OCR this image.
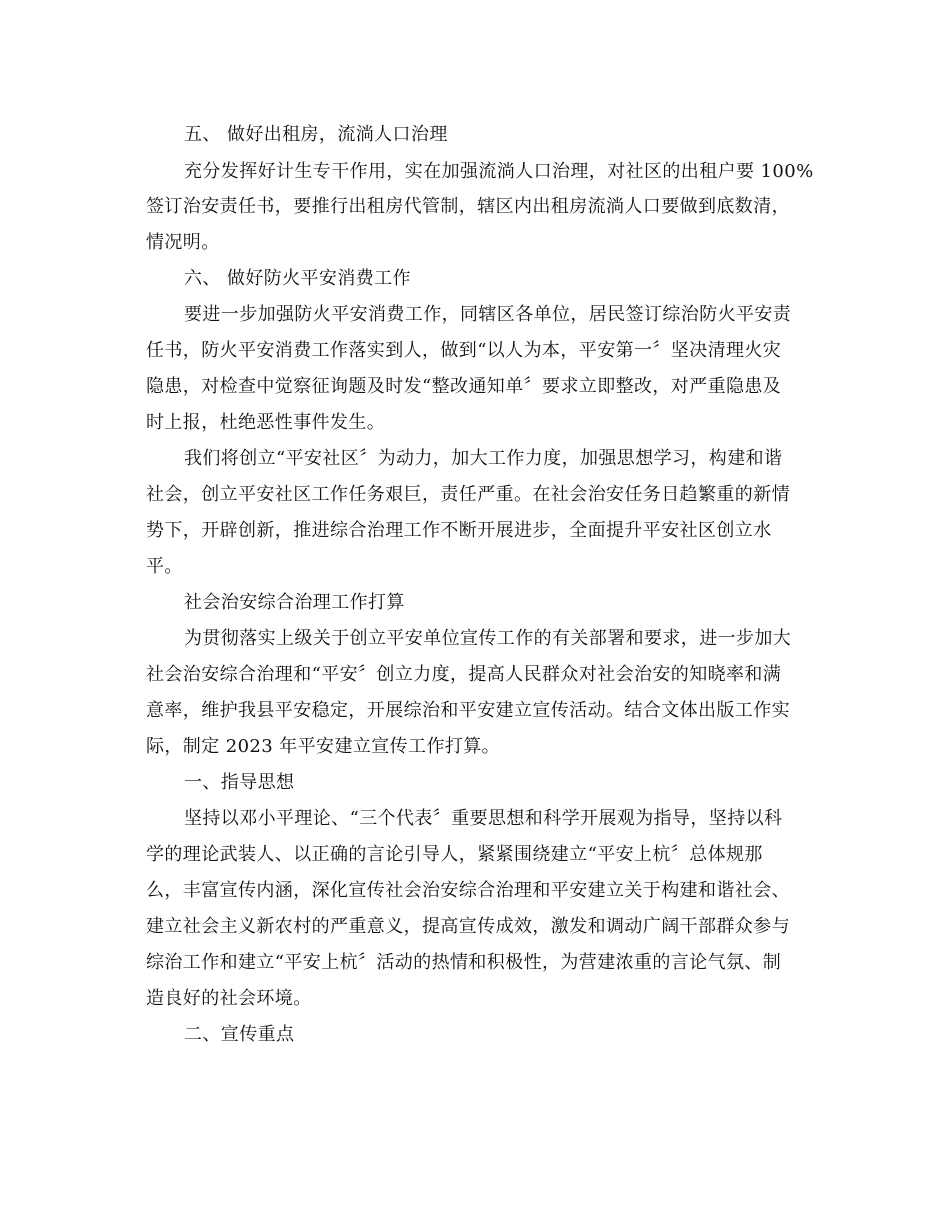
五、 做好出租房，流淌人口治理
充分发挥好计生专干作用，实在加强流淌人口治理，对社区的出租户要 100%
签订治安责任书，要推行出租房代管制，辖区内出租房流淌人口要做到底数清，
情况明。
六、 做好防火平安消费工作
要进一步加强防火平安消费工作，同辖区各单位，居民签订综治防火平安责
任书，防火平安消费工作落实到人，做到“以人为本，平安第一〞坚决清理火灾
隐患，对检查中觉察征询题及时发“整改通知单〞要求立即整改，对严重隐患及
时上报，杜绝恶性事件发生。
我们将创立“平安社区〞为动力，加大工作力度，加强思想学习，构建和谐
社会，创立平安社区工作任务艰巨，责任严重。在社会治安任务日趋繁重的新情
势下，开辟创新，推进综合治理工作不断开展进步，全面提升平安社区创立水
平。
社会治安综合治理工作打算
为贯彻落实上级关于创立平安单位宣传工作的有关部署和要求，进一步加大
社会治安综合治理和“平安〞创立力度，提高人民群众对社会治安的知晓率和满
意率，维护我县平安稳定，开展综治和平安建立宣传活动。结合文体出版工作实
际，制定 2023 年平安建立宣传工作打算。
一、指导思想
坚持以邓小平理论、“三个代表〞重要思想和科学开展观为指导，坚持以科
学的理论武装人、以正确的言论引导人，紧紧围绕建立“平安上杭〞总体规那
么，丰富宣传内涵，深化宣传社会治安综合治理和平安建立关于构建和谐社会、
建立社会主义新农村的严重意义，提高宣传成效，激发和调动广阔干部群众参与
综治工作和建立“平安上杭〞活动的热情和积极性，为营建浓重的言论气氛、制
造良好的社会环境。
二、宣传重点
